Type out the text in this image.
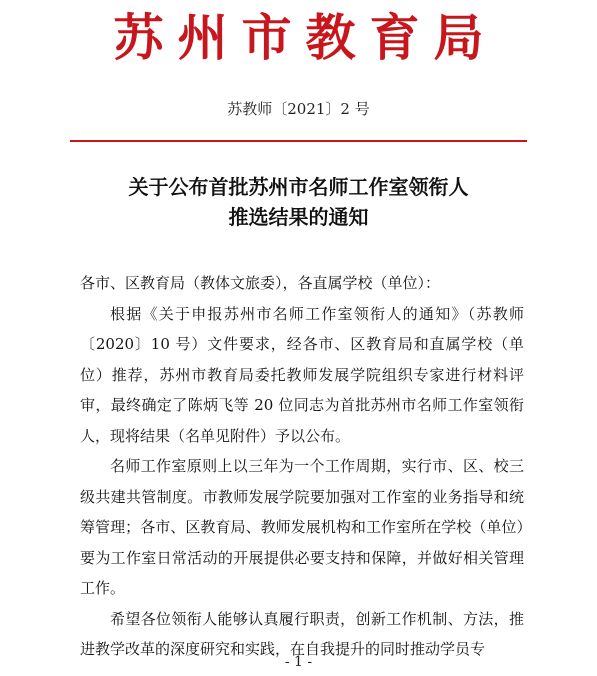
苏州市教育局
苏教师〔2021〕2 号
关于公布首批苏州市名师工作室领衔人
推选结果的通知

各市、区教育局（教体文旅委），各直属学校（单位）：

根据《关于申报苏州市名师工作室领衔人的通知》（苏教师〔2020〕10 号）文件要求，经各市、区教育局和直属学校（单位）推荐，苏州市教育局委托教师发展学院组织专家进行材料评审，最终确定了陈炳飞等 20 位同志为首批苏州市名师工作室领衔人，现将结果（名单见附件）予以公布。

名师工作室原则上以三年为一个工作周期，实行市、区、校三级共建共管制度。市教师发展学院要加强对工作室的业务指导和统筹管理；各市、区教育局、教师发展机构和工作室所在学校（单位）要为工作室日常活动的开展提供必要支持和保障，并做好相关管理工作。

希望各位领衔人能够认真履行职责，创新工作机制、方法，推进教学改革的深度研究和实践，在自我提升的同时推动学员专

- 1 -
